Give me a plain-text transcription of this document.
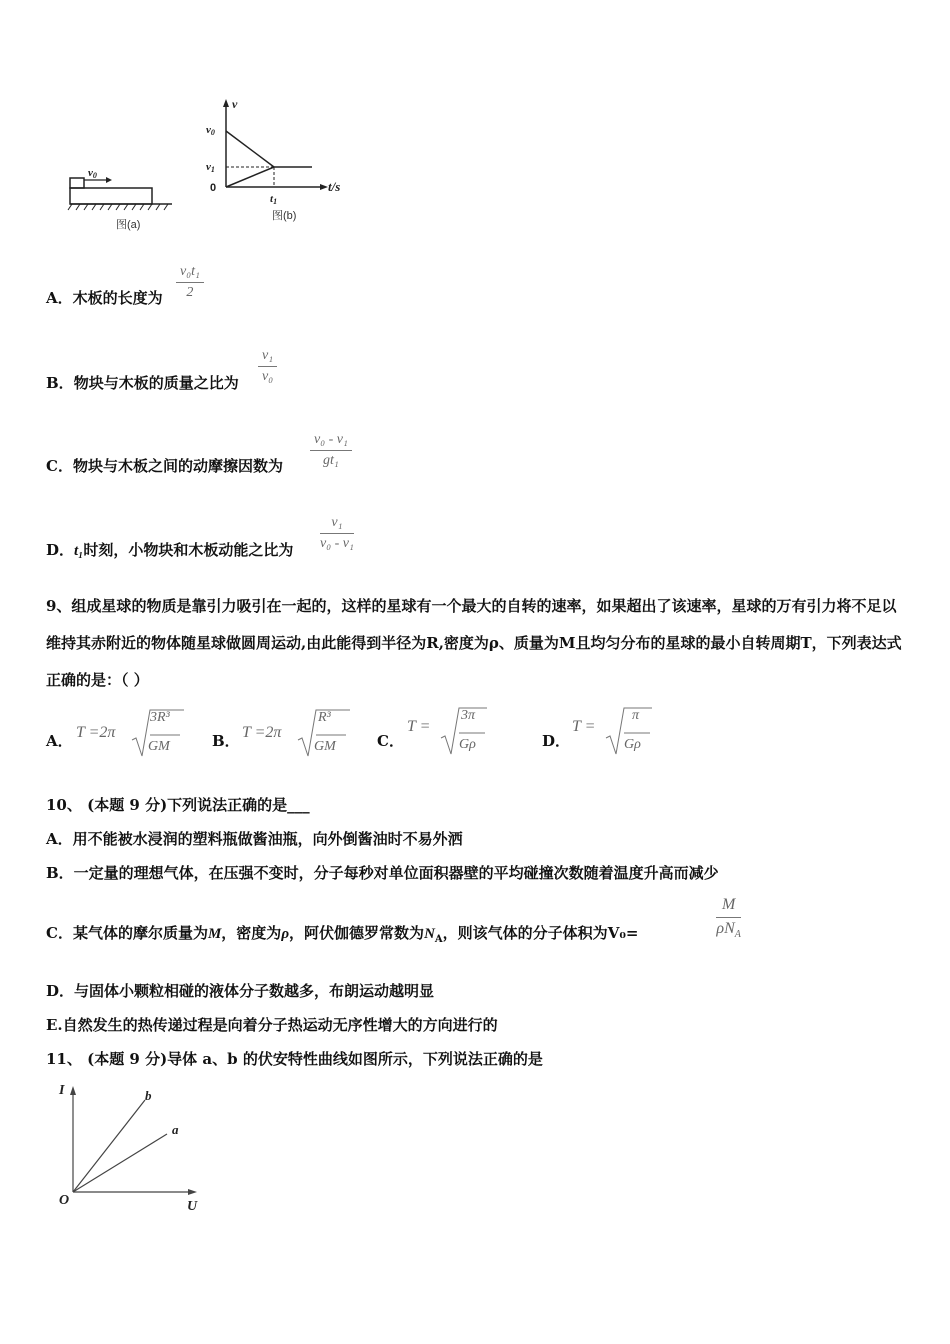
v0
图(a)
v
t/s
v0
v1
0
t1
图(b)
A．木板的长度为 $\frac{\text{v₀t₁}}{2}$
B．物块与木板的质量之比为 $\frac{\text{v₁}}{\text{v₀}}$
C．物块与木板之间的动摩擦因数为 $\frac{\text{v₀ - v₁}}{\text{gt₁}}$
D．t₁时刻，小物块和木板动能之比为 $\frac{\text{v₁}}{\text{v₀ - v₁}}$
9、组成星球的物质是靠引力吸引在一起的，这样的星球有一个最大的自转的速率，如果超出了该速率，星球的万有引力将不足以维持其赤附近的物体随星球做圆周运动,由此能得到半径为R,密度为ρ、质量为M且均匀分布的星球的最小自转周期T，下列表达式正确的是：（ ）
A． T =2π
3R³
GM	B． T =2π
R³
GM	C．
T =
3π
Gρ	D．
T =
π
Gρ
10、 (本题 9 分)下列说法正确的是___
A．用不能被水浸润的塑料瓶做酱油瓶，向外倒酱油时不易外洒
B．一定量的理想气体，在压强不变时，分子每秒对单位面积器壁的平均碰撞次数随着温度升高而减少
C．某气体的摩尔质量为M，密度为ρ，阿伏伽德罗常数为$N_A$，则该气体的分子体积为V₀=
M
$\rho N_A$
D．与固体小颗粒相碰的液体分子数越多，布朗运动越明显
E.自然发生的热传递过程是向着分子热运动无序性增大的方向进行的
11、 (本题 9 分)导体 a、b 的伏安特性曲线如图所示，下列说法正确的是
I
U
O
b
a
